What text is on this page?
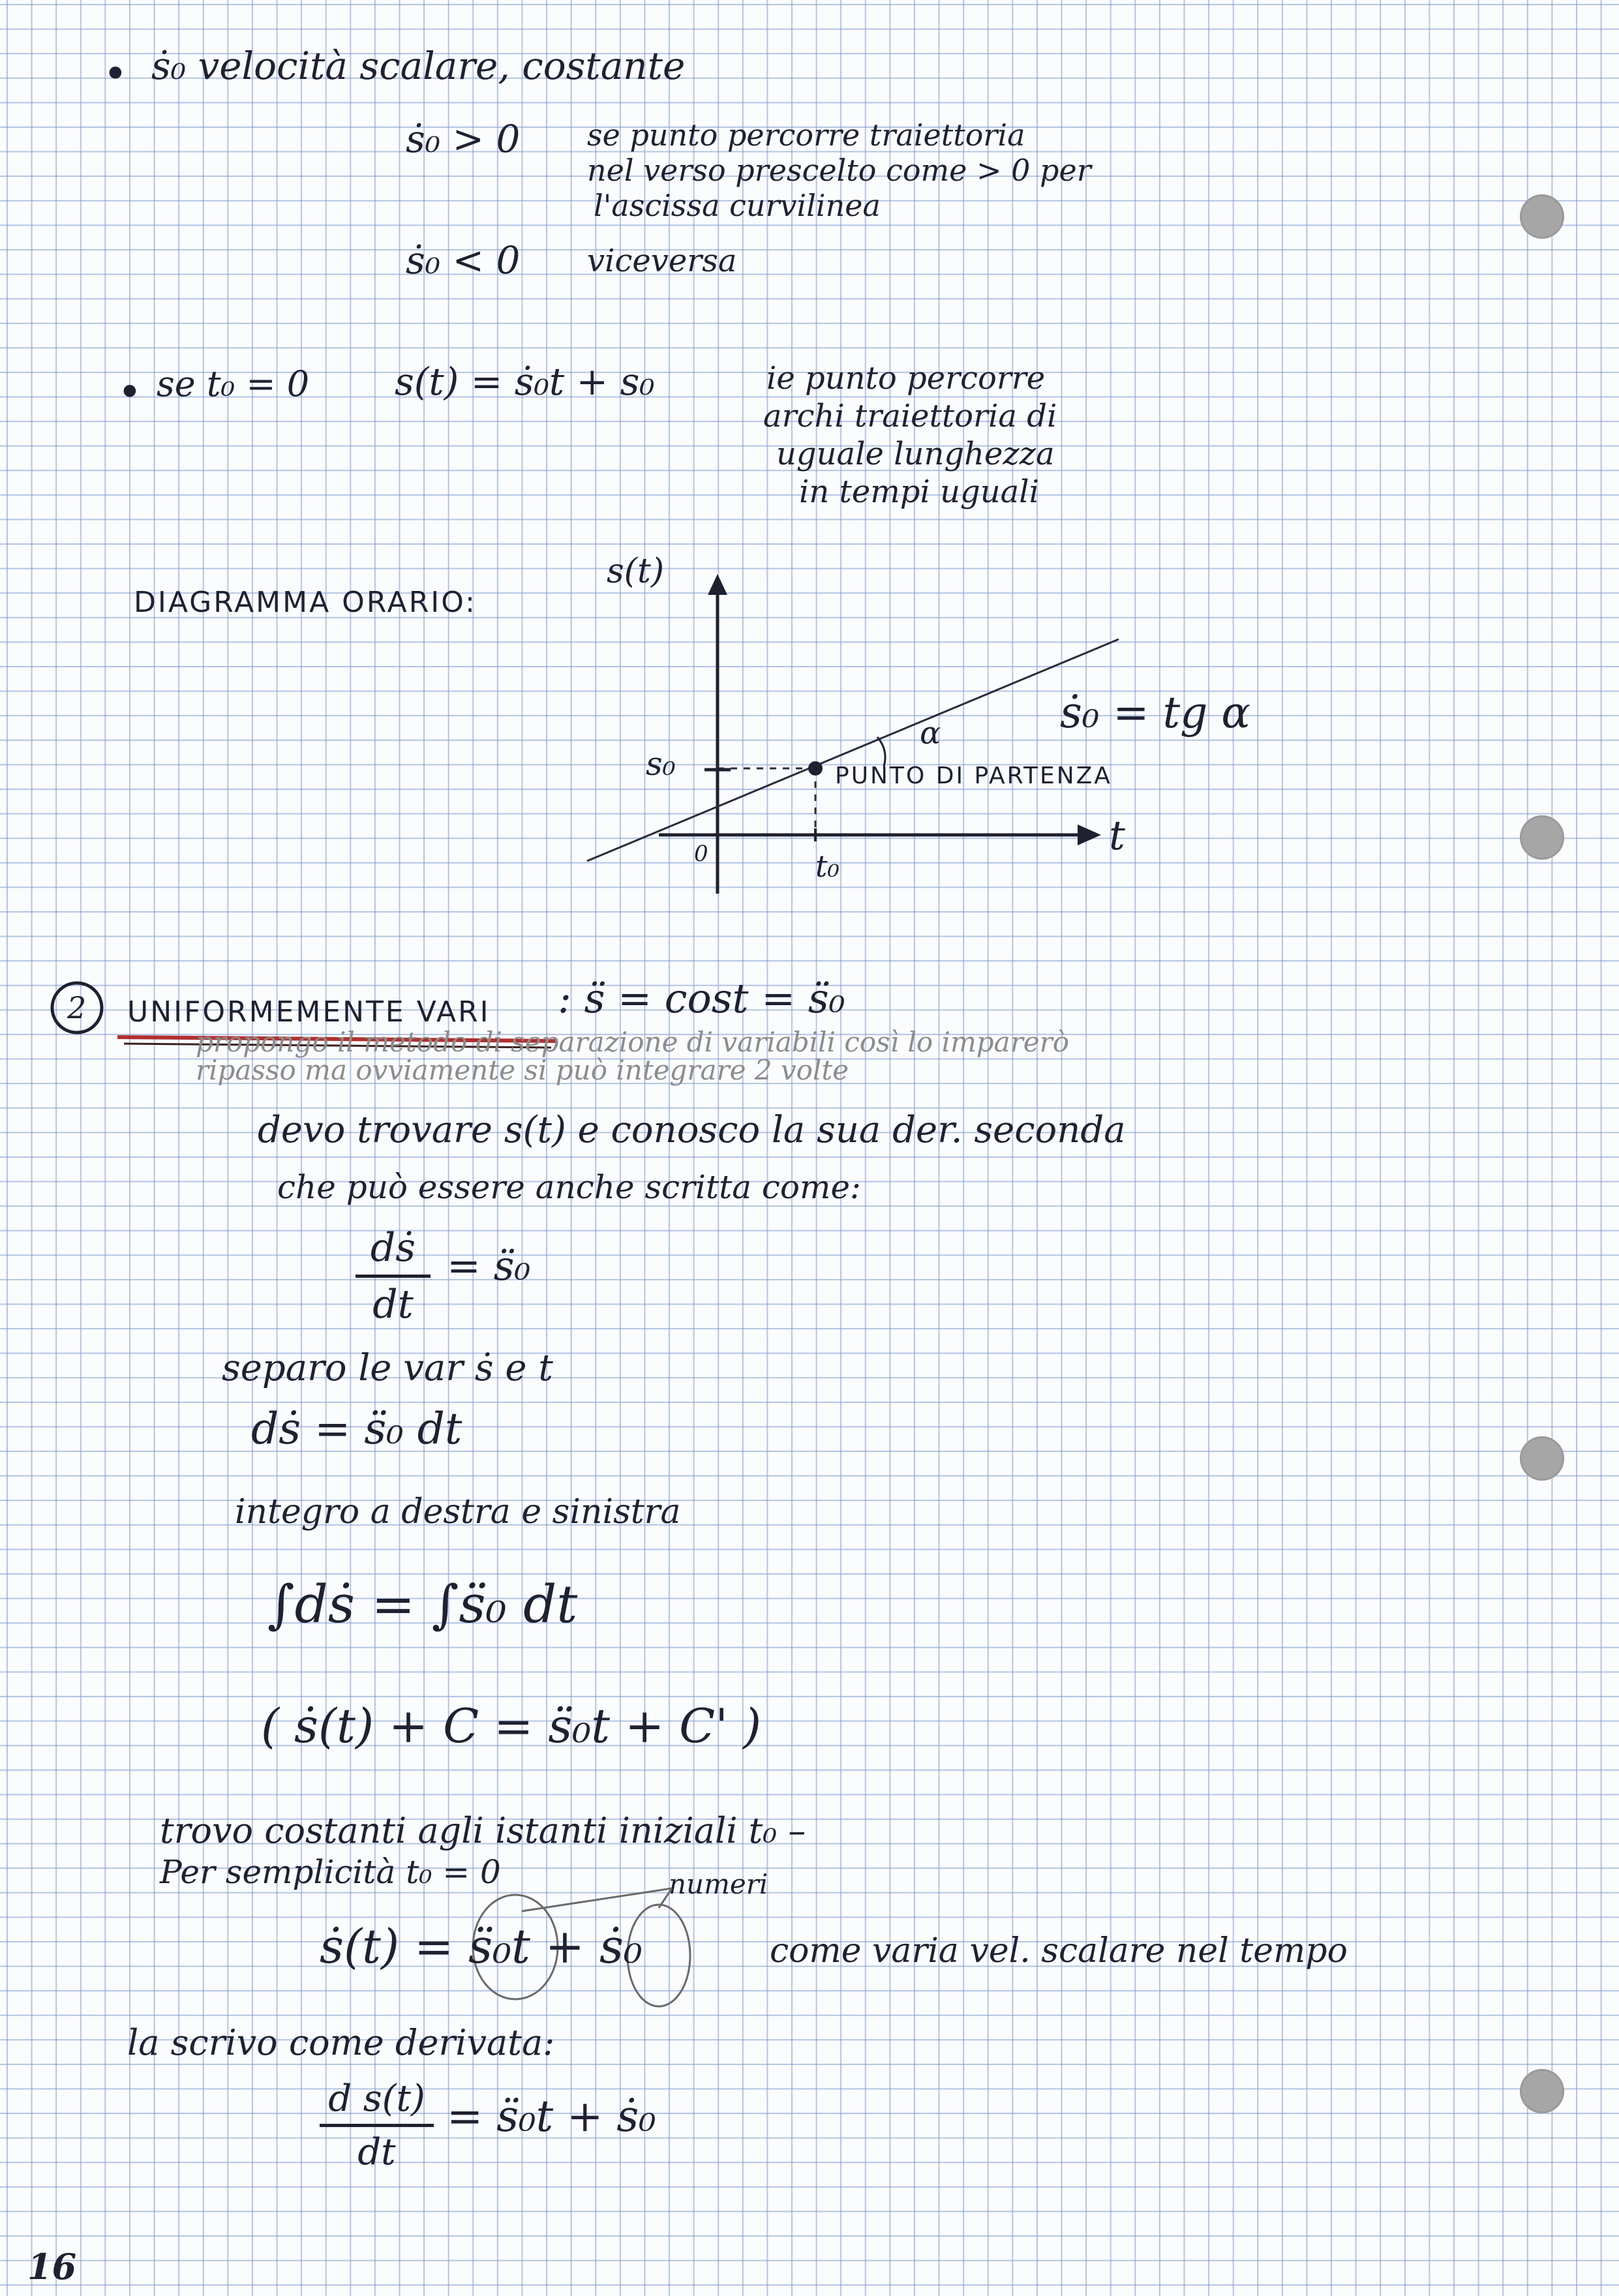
• ṡ₀ velocità scalare, costante
ṡ₀ > 0 se punto percorre traiettoria
nel verso prescelto come > 0 per
l'ascissa curvilinea
ṡ₀ < 0 viceversa
• se t₀ = 0 s(t) = ṡ₀t + s₀	ie punto percorre
archi traiettoria di
uguale lunghezza
in tempi uguali
DIAGRAMMA ORARIO:
s(t)
t
0
s₀
t₀
α
PUNTO DI PARTENZA
ṡ₀ = tg α
2 UNIFORMEMENTE VARI : s̈ = cost = s̈₀
propongo il metodo di separazione di variabili così lo imparerò
ripasso ma ovviamente si può integrare 2 volte
devo trovare s(t) e conosco la sua der. seconda
che può essere anche scritta come:
dṡ
dt
= s̈₀
separo le var ṡ e t
dṡ = s̈₀ dt
integro a destra e sinistra
∫dṡ = ∫s̈₀ dt
( ṡ(t) + C = s̈₀t + C' )
trovo costanti agli istanti iniziali t₀ –
Per semplicità t₀ = 0	numeri
ṡ(t) = s̈₀t + ṡ₀	come varia vel. scalare nel tempo
la scrivo come derivata:
d s(t)
dt
= s̈₀t + ṡ₀
16
